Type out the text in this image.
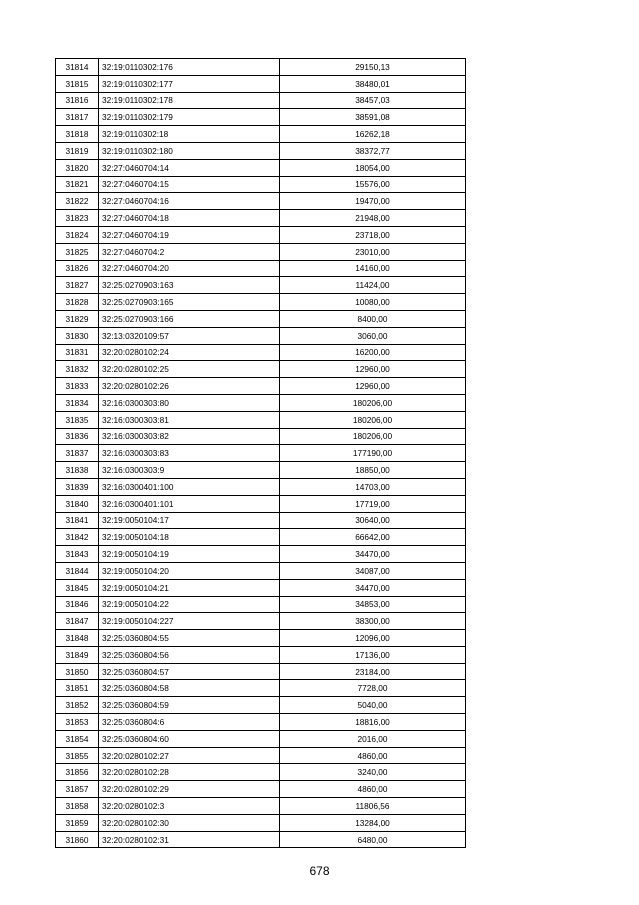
31814	32:19:0110302:176	29150,13
31815	32:19:0110302:177	38480,01
31816	32:19:0110302:178	38457,03
31817	32:19:0110302:179	38591,08
31818	32:19:0110302:18	16262,18
31819	32:19:0110302:180	38372,77
31820	32:27:0460704:14	18054,00
31821	32:27:0460704:15	15576,00
31822	32:27:0460704:16	19470,00
31823	32:27:0460704:18	21948,00
31824	32:27:0460704:19	23718,00
31825	32:27:0460704:2	23010,00
31826	32:27:0460704:20	14160,00
31827	32:25:0270903:163	11424,00
31828	32:25:0270903:165	10080,00
31829	32:25:0270903:166	8400,00
31830	32:13:0320109:57	3060,00
31831	32:20:0280102:24	16200,00
31832	32:20:0280102:25	12960,00
31833	32:20:0280102:26	12960,00
31834	32:16:0300303:80	180206,00
31835	32:16:0300303:81	180206,00
31836	32:16:0300303:82	180206,00
31837	32:16:0300303:83	177190,00
31838	32:16:0300303:9	18850,00
31839	32:16:0300401:100	14703,00
31840	32:16:0300401:101	17719,00
31841	32:19:0050104:17	30640,00
31842	32:19:0050104:18	66642,00
31843	32:19:0050104:19	34470,00
31844	32:19:0050104:20	34087,00
31845	32:19:0050104:21	34470,00
31846	32:19:0050104:22	34853,00
31847	32:19:0050104:227	38300,00
31848	32:25:0360804:55	12096,00
31849	32:25:0360804:56	17136,00
31850	32:25:0360804:57	23184,00
31851	32:25:0360804:58	7728,00
31852	32:25:0360804:59	5040,00
31853	32:25:0360804:6	18816,00
31854	32:25:0360804:60	2016,00
31855	32:20:0280102:27	4860,00
31856	32:20:0280102:28	3240,00
31857	32:20:0280102:29	4860,00
31858	32:20:0280102:3	11806,56
31859	32:20:0280102:30	13284,00
31860	32:20:0280102:31	6480,00
678
